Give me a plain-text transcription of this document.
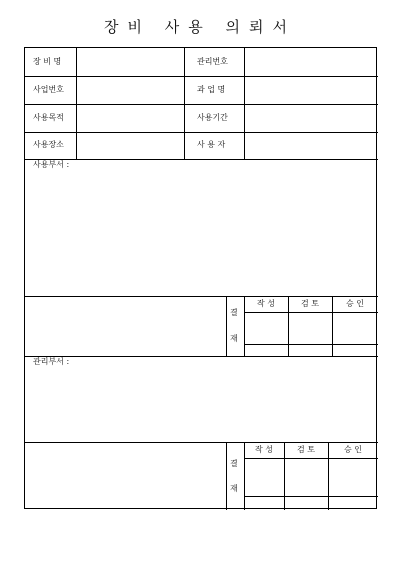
장비 사용 의뢰서
장 비 명	관리번호
사업번호	과 업 명
사용목적	사용기간
사용장소	사 용 자
사용부서 :
관리부서 :
결
재
작 성	검 토	승 인
결
재
작 성	검 토	승 인
